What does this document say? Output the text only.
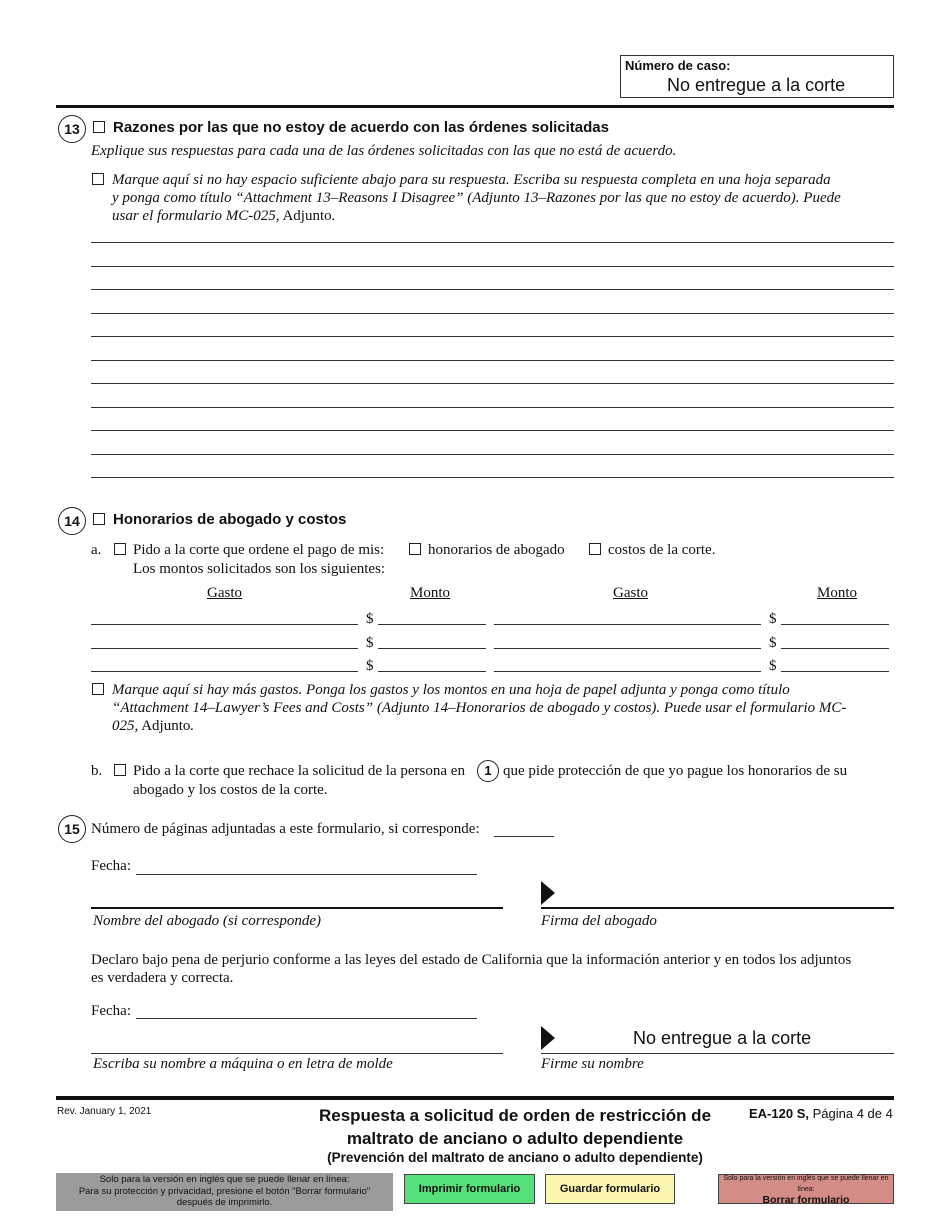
Número de caso:
No entregue a la corte
13	Razones por las que no estoy de acuerdo con las órdenes solicitadas
Explique sus respuestas para cada una de las órdenes solicitadas con las que no está de acuerdo.
Marque aquí si no hay espacio suficiente abajo para su respuesta. Escriba su respuesta completa en una hoja separada
y ponga como título “Attachment 13–Reasons I Disagree” (Adjunto 13–Razones por las que no estoy de acuerdo). Puede
usar el formulario MC-025, Adjunto.
14	Honorarios de abogado y costos
a. Pido a la corte que ordene el pago de mis:	honorarios de abogado	costos de la corte.
Los montos solicitados son los siguientes:
Gasto	Monto	Gasto	Monto
$	$
$	$
$	$
Marque aquí si hay más gastos. Ponga los gastos y los montos en una hoja de papel adjunta y ponga como título
“Attachment 14–Lawyer’s Fees and Costs” (Adjunto 14–Honorarios de abogado y costos). Puede usar el formulario MC-
025, Adjunto.
b. Pido a la corte que rechace la solicitud de la persona en	1 que pide protección de que yo pague los honorarios de su
abogado y los costos de la corte.
15 Número de páginas adjuntadas a este formulario, si corresponde:
Fecha:
Nombre del abogado (si corresponde)	Firma del abogado
Declaro bajo pena de perjurio conforme a las leyes del estado de California que la información anterior y en todos los adjuntos
es verdadera y correcta.
Fecha:
Escriba su nombre a máquina o en letra de molde
No entregue a la corte
Firme su nombre
Rev. January 1, 2021	Respuesta a solicitud de orden de restricción de
maltrato de anciano o adulto dependiente
(Prevención del maltrato de anciano o adulto dependiente)
EA-120 S, Página 4 de 4
Solo para la versión en inglés que se puede llenar en línea:
Para su protección y privacidad, presione el botón "Borrar formulario"
después de imprimirlo.
Imprimir formulario	Guardar formulario
Solo para la versión en inglés que se puede llenar en línea:
Borrar formulario
